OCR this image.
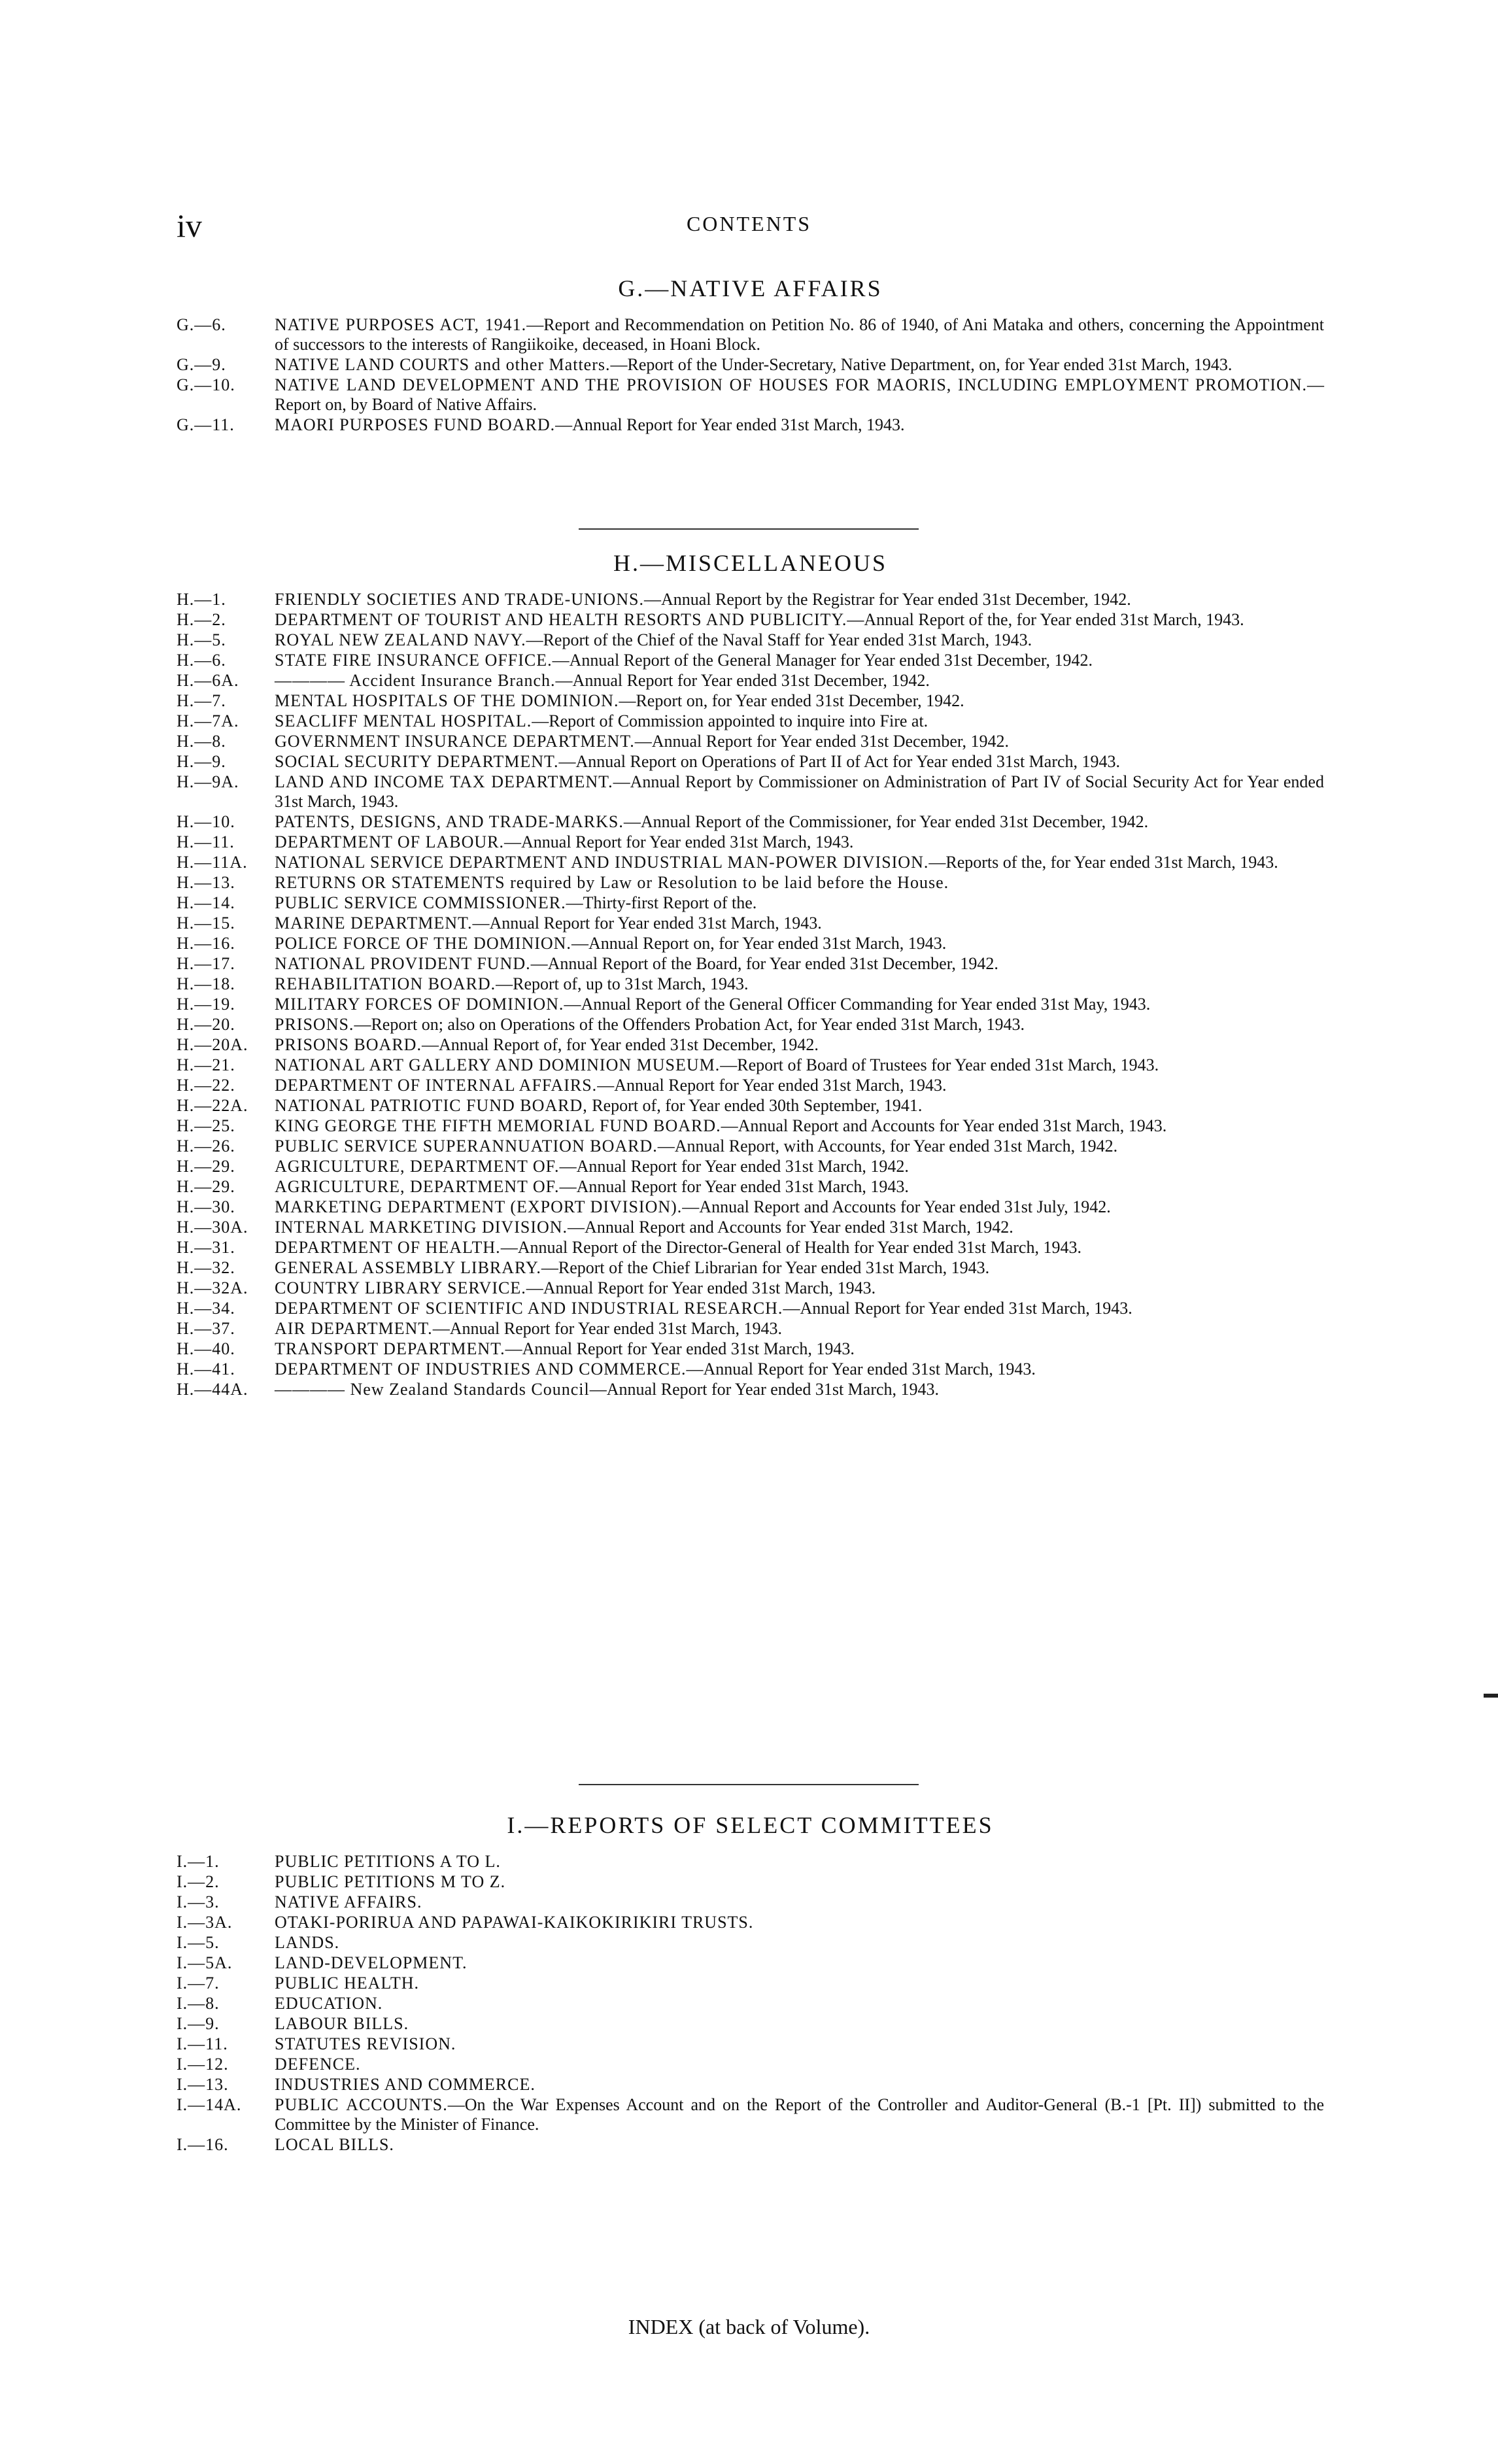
iv	CONTENTS
G.—NATIVE AFFAIRS
G.—6.	NATIVE PURPOSES ACT, 1941.—Report and Recommendation on Petition No. 86 of 1940, of Ani Mataka and others, concerning the Appointment of successors to the interests of Rangiikoike, deceased, in Hoani Block.
G.—9.	NATIVE LAND COURTS and other Matters.—Report of the Under-Secretary, Native Department, on, for Year ended 31st March, 1943.
G.—10.	NATIVE LAND DEVELOPMENT AND THE PROVISION OF HOUSES FOR MAORIS, INCLUDING EMPLOYMENT PROMOTION.—Report on, by Board of Native Affairs.
G.—11.	MAORI PURPOSES FUND BOARD.—Annual Report for Year ended 31st March, 1943.
H.—MISCELLANEOUS
H.—1.	FRIENDLY SOCIETIES AND TRADE-UNIONS.—Annual Report by the Registrar for Year ended 31st December, 1942.
H.—2.	DEPARTMENT OF TOURIST AND HEALTH RESORTS AND PUBLICITY.—Annual Report of the, for Year ended 31st March, 1943.
H.—5.	ROYAL NEW ZEALAND NAVY.—Report of the Chief of the Naval Staff for Year ended 31st March, 1943.
H.—6.	STATE FIRE INSURANCE OFFICE.—Annual Report of the General Manager for Year ended 31st December, 1942.
H.—6A.	———— Accident Insurance Branch.—Annual Report for Year ended 31st December, 1942.
H.—7.	MENTAL HOSPITALS OF THE DOMINION.—Report on, for Year ended 31st December, 1942.
H.—7A.	SEACLIFF MENTAL HOSPITAL.—Report of Commission appointed to inquire into Fire at.
H.—8.	GOVERNMENT INSURANCE DEPARTMENT.—Annual Report for Year ended 31st December, 1942.
H.—9.	SOCIAL SECURITY DEPARTMENT.—Annual Report on Operations of Part II of Act for Year ended 31st March, 1943.
H.—9A.	LAND AND INCOME TAX DEPARTMENT.—Annual Report by Commissioner on Administration of Part IV of Social Security Act for Year ended 31st March, 1943.
H.—10.	PATENTS, DESIGNS, AND TRADE-MARKS.—Annual Report of the Commissioner, for Year ended 31st December, 1942.
H.—11.	DEPARTMENT OF LABOUR.—Annual Report for Year ended 31st March, 1943.
H.—11A.	NATIONAL SERVICE DEPARTMENT AND INDUSTRIAL MAN-POWER DIVISION.—Reports of the, for Year ended 31st March, 1943.
H.—13.	RETURNS OR STATEMENTS required by Law or Resolution to be laid before the House.
H.—14.	PUBLIC SERVICE COMMISSIONER.—Thirty-first Report of the.
H.—15.	MARINE DEPARTMENT.—Annual Report for Year ended 31st March, 1943.
H.—16.	POLICE FORCE OF THE DOMINION.—Annual Report on, for Year ended 31st March, 1943.
H.—17.	NATIONAL PROVIDENT FUND.—Annual Report of the Board, for Year ended 31st December, 1942.
H.—18.	REHABILITATION BOARD.—Report of, up to 31st March, 1943.
H.—19.	MILITARY FORCES OF DOMINION.—Annual Report of the General Officer Commanding for Year ended 31st May, 1943.
H.—20.	PRISONS.—Report on; also on Operations of the Offenders Probation Act, for Year ended 31st March, 1943.
H.—20A.	PRISONS BOARD.—Annual Report of, for Year ended 31st December, 1942.
H.—21.	NATIONAL ART GALLERY AND DOMINION MUSEUM.—Report of Board of Trustees for Year ended 31st March, 1943.
H.—22.	DEPARTMENT OF INTERNAL AFFAIRS.—Annual Report for Year ended 31st March, 1943.
H.—22A.	NATIONAL PATRIOTIC FUND BOARD, Report of, for Year ended 30th September, 1941.
H.—25.	KING GEORGE THE FIFTH MEMORIAL FUND BOARD.—Annual Report and Accounts for Year ended 31st March, 1943.
H.—26.	PUBLIC SERVICE SUPERANNUATION BOARD.—Annual Report, with Accounts, for Year ended 31st March, 1942.
H.—29.	AGRICULTURE, DEPARTMENT OF.—Annual Report for Year ended 31st March, 1942.
H.—29.	AGRICULTURE, DEPARTMENT OF.—Annual Report for Year ended 31st March, 1943.
H.—30.	MARKETING DEPARTMENT (EXPORT DIVISION).—Annual Report and Accounts for Year ended 31st July, 1942.
H.—30A.	INTERNAL MARKETING DIVISION.—Annual Report and Accounts for Year ended 31st March, 1942.
H.—31.	DEPARTMENT OF HEALTH.—Annual Report of the Director-General of Health for Year ended 31st March, 1943.
H.—32.	GENERAL ASSEMBLY LIBRARY.—Report of the Chief Librarian for Year ended 31st March, 1943.
H.—32A.	COUNTRY LIBRARY SERVICE.—Annual Report for Year ended 31st March, 1943.
H.—34.	DEPARTMENT OF SCIENTIFIC AND INDUSTRIAL RESEARCH.—Annual Report for Year ended 31st March, 1943.
H.—37.	AIR DEPARTMENT.—Annual Report for Year ended 31st March, 1943.
H.—40.	TRANSPORT DEPARTMENT.—Annual Report for Year ended 31st March, 1943.
H.—41.	DEPARTMENT OF INDUSTRIES AND COMMERCE.—Annual Report for Year ended 31st March, 1943.
H.—44A.	———— New Zealand Standards Council—Annual Report for Year ended 31st March, 1943.
I.—REPORTS OF SELECT COMMITTEES
I.—1.	PUBLIC PETITIONS A TO L.
I.—2.	PUBLIC PETITIONS M TO Z.
I.—3.	NATIVE AFFAIRS.
I.—3A.	OTAKI-PORIRUA AND PAPAWAI-KAIKOKIRIKIRI TRUSTS.
I.—5.	LANDS.
I.—5A.	LAND-DEVELOPMENT.
I.—7.	PUBLIC HEALTH.
I.—8.	EDUCATION.
I.—9.	LABOUR BILLS.
I.—11.	STATUTES REVISION.
I.—12.	DEFENCE.
I.—13.	INDUSTRIES AND COMMERCE.
I.—14A.	PUBLIC ACCOUNTS.—On the War Expenses Account and on the Report of the Controller and Auditor-General (B.-1 [Pt. II]) submitted to the Committee by the Minister of Finance.
I.—16.	LOCAL BILLS.
INDEX (at back of Volume).
